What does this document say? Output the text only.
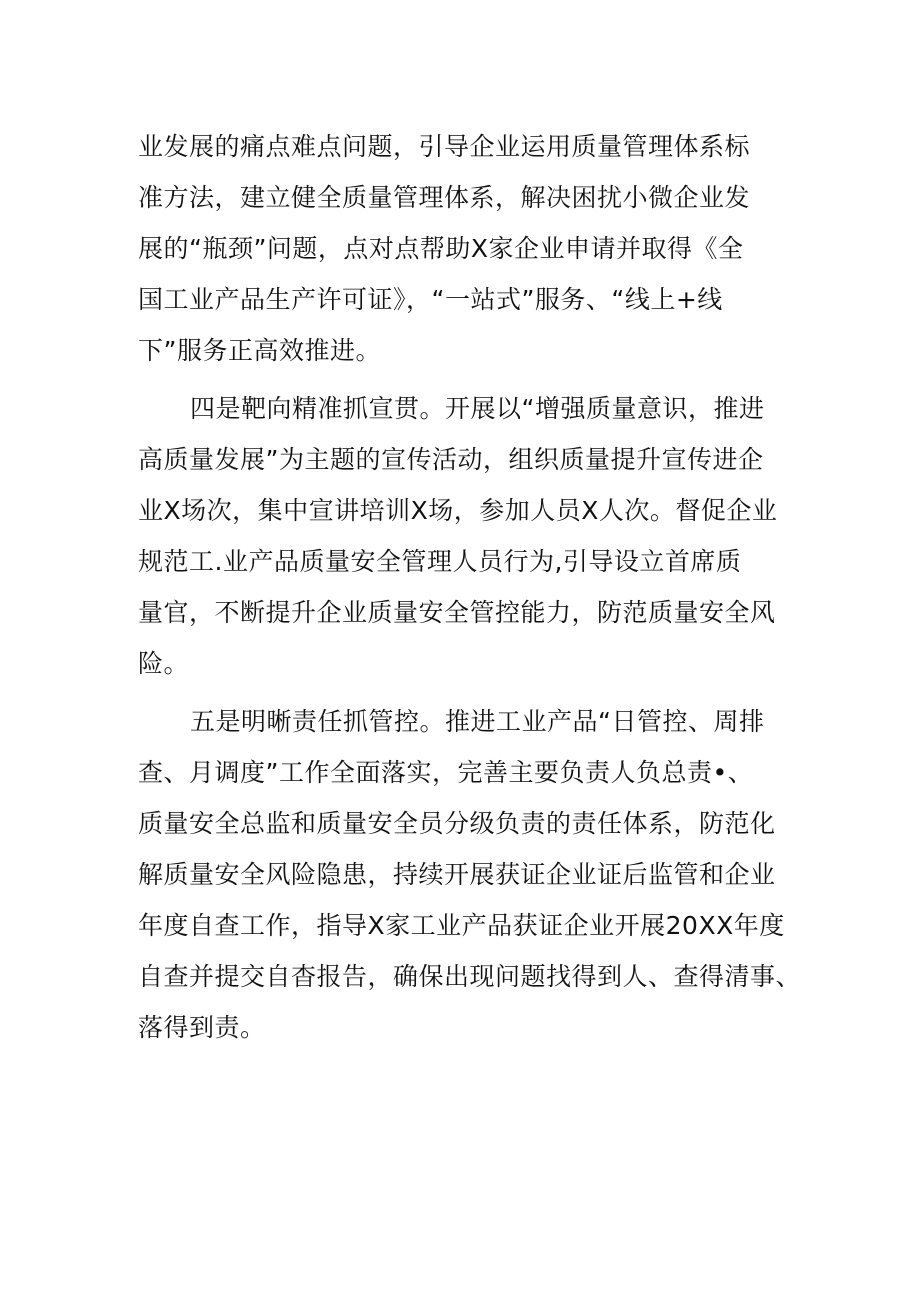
业发展的痛点难点问题，引导企业运用质量管理体系标
准方法，建立健全质量管理体系，解决困扰小微企业发
展的“瓶颈”问题，点对点帮助X家企业申请并取得《全
国工业产品生产许可证》，“一站式”服务、“线上+线
下”服务正高效推进。
四是靶向精准抓宣贯。开展以“增强质量意识，推进
高质量发展”为主题的宣传活动，组织质量提升宣传进企
业X场次，集中宣讲培训X场，参加人员X人次。督促企业
规范工.业产品质量安全管理人员行为,引导设立首席质
量官，不断提升企业质量安全管控能力，防范质量安全风
险。
五是明晰责任抓管控。推进工业产品“日管控、周排
查、月调度”工作全面落实，完善主要负责人负总责•、
质量安全总监和质量安全员分级负责的责任体系，防范化
解质量安全风险隐患，持续开展获证企业证后监管和企业
年度自查工作，指导X家工业产品获证企业开展20XX年度
自查并提交自杳报告，确保出现问题找得到人、查得清事、
落得到责。
